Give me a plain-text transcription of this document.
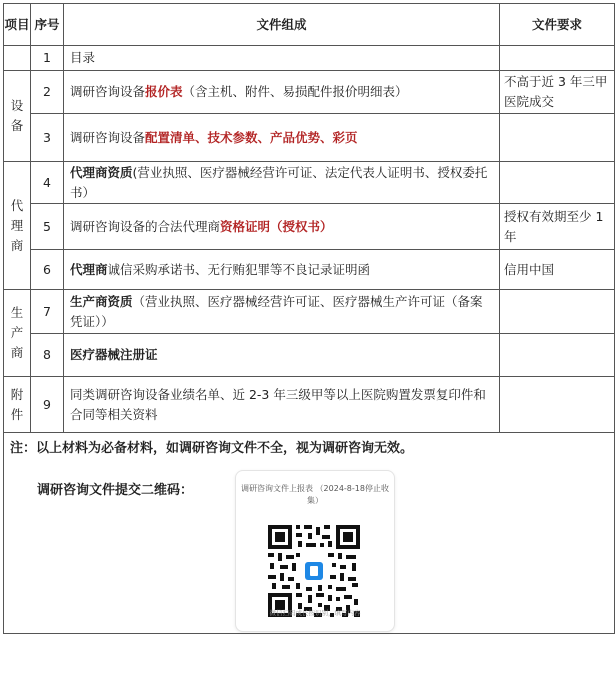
项目	序号	文件组成	文件要求
	1	目录	

设
备	2	调研咨询设备报价表（含主机、附件、易损配件报价明细表）	不高于近 3 年三甲医院成交
	3	调研咨询设备配置清单、技术参数、产品优势、彩页	

代
理
商	4	代理商资质(营业执照、医疗器械经营许可证、法定代表人证明书、授权委托书）	
	5	调研咨询设备的合法代理商资格证明（授权书）	授权有效期至少 1 年
	6	代理商诚信采购承诺书、无行贿犯罪等不良记录证明函	信用中国

生
产
商	7	生产商资质（营业执照、医疗器械经营许可证、医疗器械生产许可证（备案凭证））	
	8	医疗器械注册证	

附
件	9	同类调研咨询设备业绩名单、近 2-3 年三级甲等以上医院购置发票复印件和合同等相关资料	

注：以上材料为必备材料，如调研咨询文件不全，视为调研咨询无效。
调研咨询文件提交二维码： 调研咨询文件上报表 （2024-8-18停止收集）
微信扫码或长按识别，填写内容			
